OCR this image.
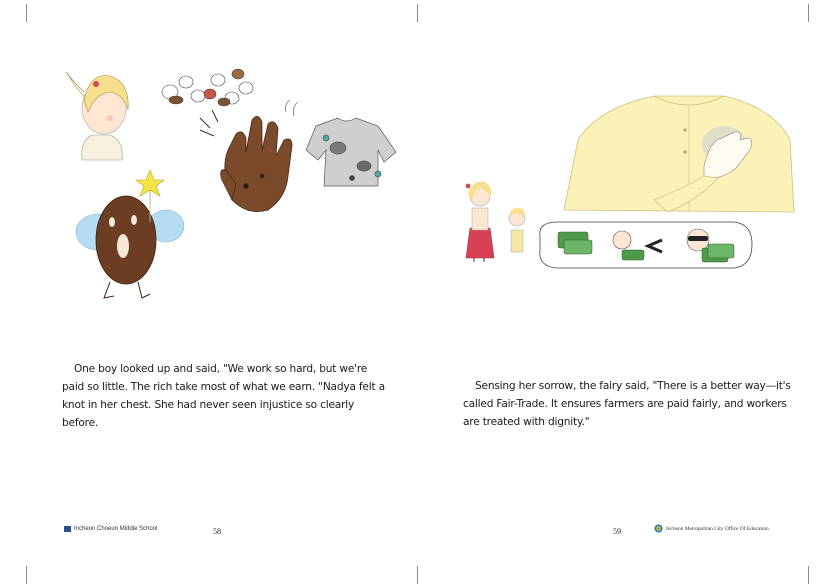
One boy looked up and said, "We work so hard, but we're paid so little. The rich take most of what we earn. "Nadya felt a knot in her chest. She had never seen injustice so clearly before.
Incheon Choeun Middle School	58
Sensing her sorrow, the fairy said, "There is a better way—it's called Fair-Trade. It ensures farmers are paid fairly, and workers are treated with dignity."
59	Incheon Metropolitan City Office Of Education
